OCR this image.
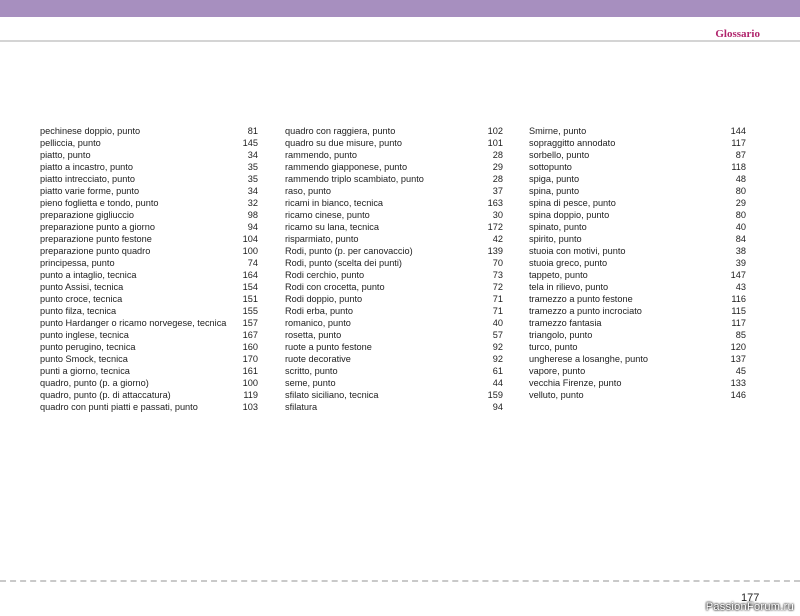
Glossario
pechinese doppio, punto	81
pelliccia, punto	145
piatto, punto	34
piatto a incastro, punto	35
piatto intrecciato, punto	35
piatto varie forme, punto	34
pieno foglietta e tondo, punto	32
preparazione gigliuccio	98
preparazione punto a giorno	94
preparazione punto festone	104
preparazione punto quadro	100
principessa, punto	74
punto a intaglio, tecnica	164
punto Assisi, tecnica	154
punto croce, tecnica	151
punto filza, tecnica	155
punto Hardanger o ricamo norvegese, tecnica 157
punto inglese, tecnica	167
punto perugino, tecnica	160
punto Smock, tecnica	170
punti a giorno, tecnica	161
quadro, punto (p. a giorno)	100
quadro, punto (p. di attaccatura)	119
quadro con punti piatti e passati, punto	103
quadro con raggiera, punto	102
quadro su due misure, punto	101
rammendo, punto	28
rammendo giapponese, punto	29
rammendo triplo scambiato, punto	28
raso, punto	37
ricami in bianco, tecnica	163
ricamo cinese, punto	30
ricamo su lana, tecnica	172
risparmiato, punto	42
Rodi, punto (p. per canovaccio)	139
Rodi, punto (scelta dei punti)	70
Rodi cerchio, punto	73
Rodi con crocetta, punto	72
Rodi doppio, punto	71
Rodi erba, punto	71
romanico, punto	40
rosetta, punto	57
ruote a punto festone	92
ruote decorative	92
scritto, punto	61
seme, punto	44
sfilato siciliano, tecnica	159
sfilatura	94
Smirne, punto	144
sopraggitto annodato	117
sorbello, punto	87
sottopunto	118
spiga, punto	48
spina, punto	80
spina di pesce, punto	29
spina doppio, punto	80
spinato, punto	40
spirito, punto	84
stuoia con motivi, punto	38
stuoia greco, punto	39
tappeto, punto	147
tela in rilievo, punto	43
tramezzo a punto festone	116
tramezzo a punto incrociato	115
tramezzo fantasia	117
triangolo, punto	85
turco, punto	120
ungherese a losanghe, punto	137
vapore, punto	45
vecchia Firenze, punto	133
velluto, punto	146
177
PassionForum.ru
